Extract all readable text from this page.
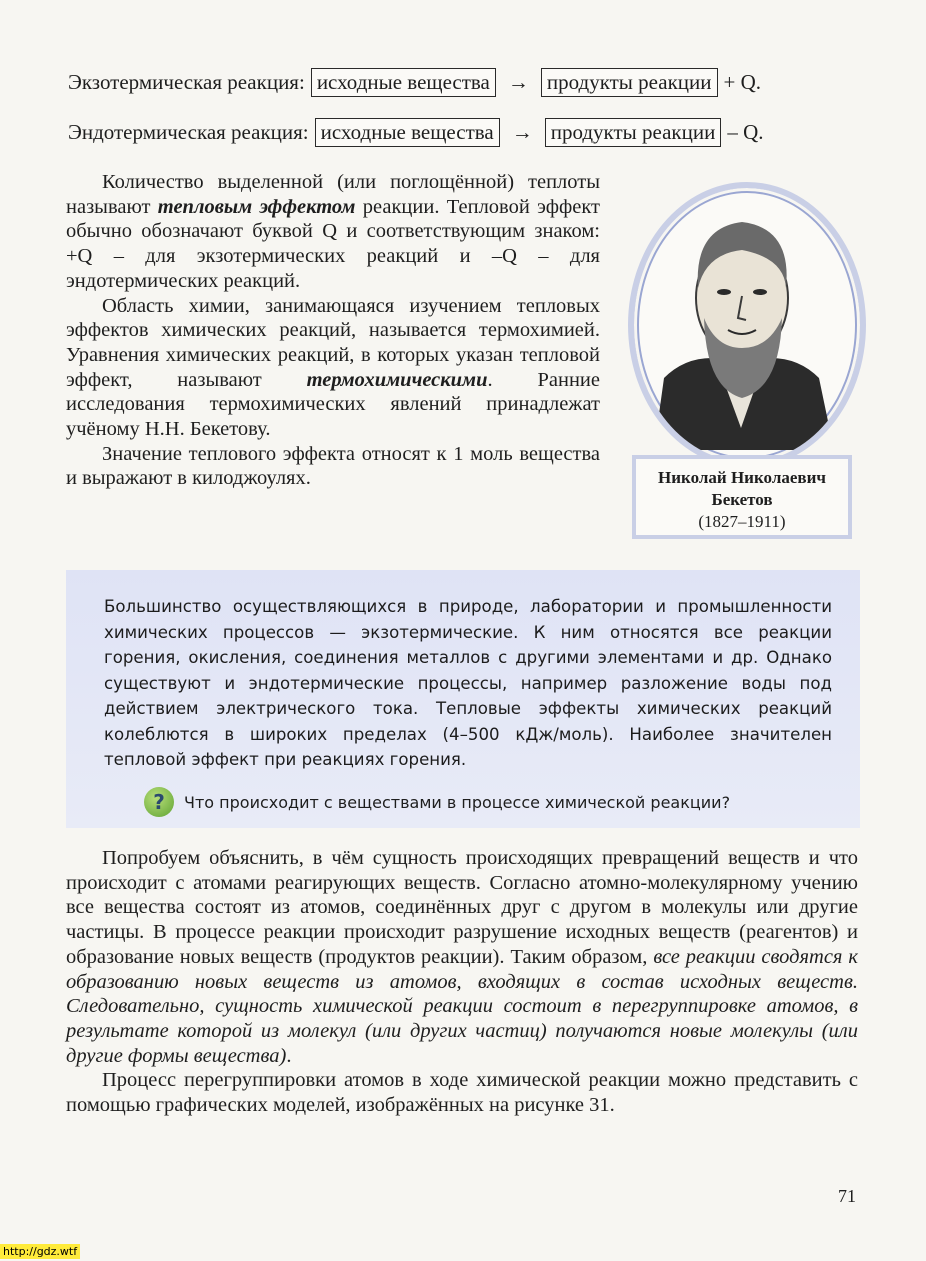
Экзотермическая реакция: исходные вещества → продукты реакции + Q.
Эндотермическая реакция: исходные вещества → продукты реакции – Q.

Количество выделенной (или поглощённой) теплоты называют тепловым эффектом реакции. Тепловой эффект обычно обозначают буквой Q и соответствующим знаком: +Q – для экзотермических реакций и –Q – для эндотермических реакций.

Область химии, занимающаяся изучением тепловых эффектов химических реакций, называется термохимией. Уравнения химических реакций, в которых указан тепловой эффект, называют термохимическими. Ранние исследования термохимических явлений принадлежат учёному Н.Н. Бекетову.

Значение теплового эффекта относят к 1 моль вещества и выражают в килоджоулях.	Николай Николаевич
Бекетов
(1827–1911)
Большинство осуществляющихся в природе, лаборатории и промышленности химических процессов — экзотермические. К ним относятся все реакции горения, окисления, соединения металлов с другими элементами и др. Однако существуют и эндотермические процессы, например разложение воды под действием электрического тока. Тепловые эффекты химических реакций колеблются в широких пределах (4–500 кДж/моль). Наиболее значителен тепловой эффект при реакциях горения.
?	Что происходит с веществами в процессе химической реакции?

Попробуем объяснить, в чём сущность происходящих превращений веществ и что происходит с атомами реагирующих веществ. Согласно атомно-молекулярному учению все вещества состоят из атомов, соединённых друг с другом в молекулы или другие частицы. В процессе реакции происходит разрушение исходных веществ (реагентов) и образование новых веществ (продуктов реакции). Таким образом, все реакции сводятся к образованию новых веществ из атомов, входящих в состав исходных веществ. Следовательно, сущность химической реакции состоит в перегруппировке атомов, в результате которой из молекул (или других частиц) получаются новые молекулы (или другие формы вещества).

Процесс перегруппировки атомов в ходе химической реакции можно представить с помощью графических моделей, изображённых на рисунке 31.

71
http://gdz.wtf
